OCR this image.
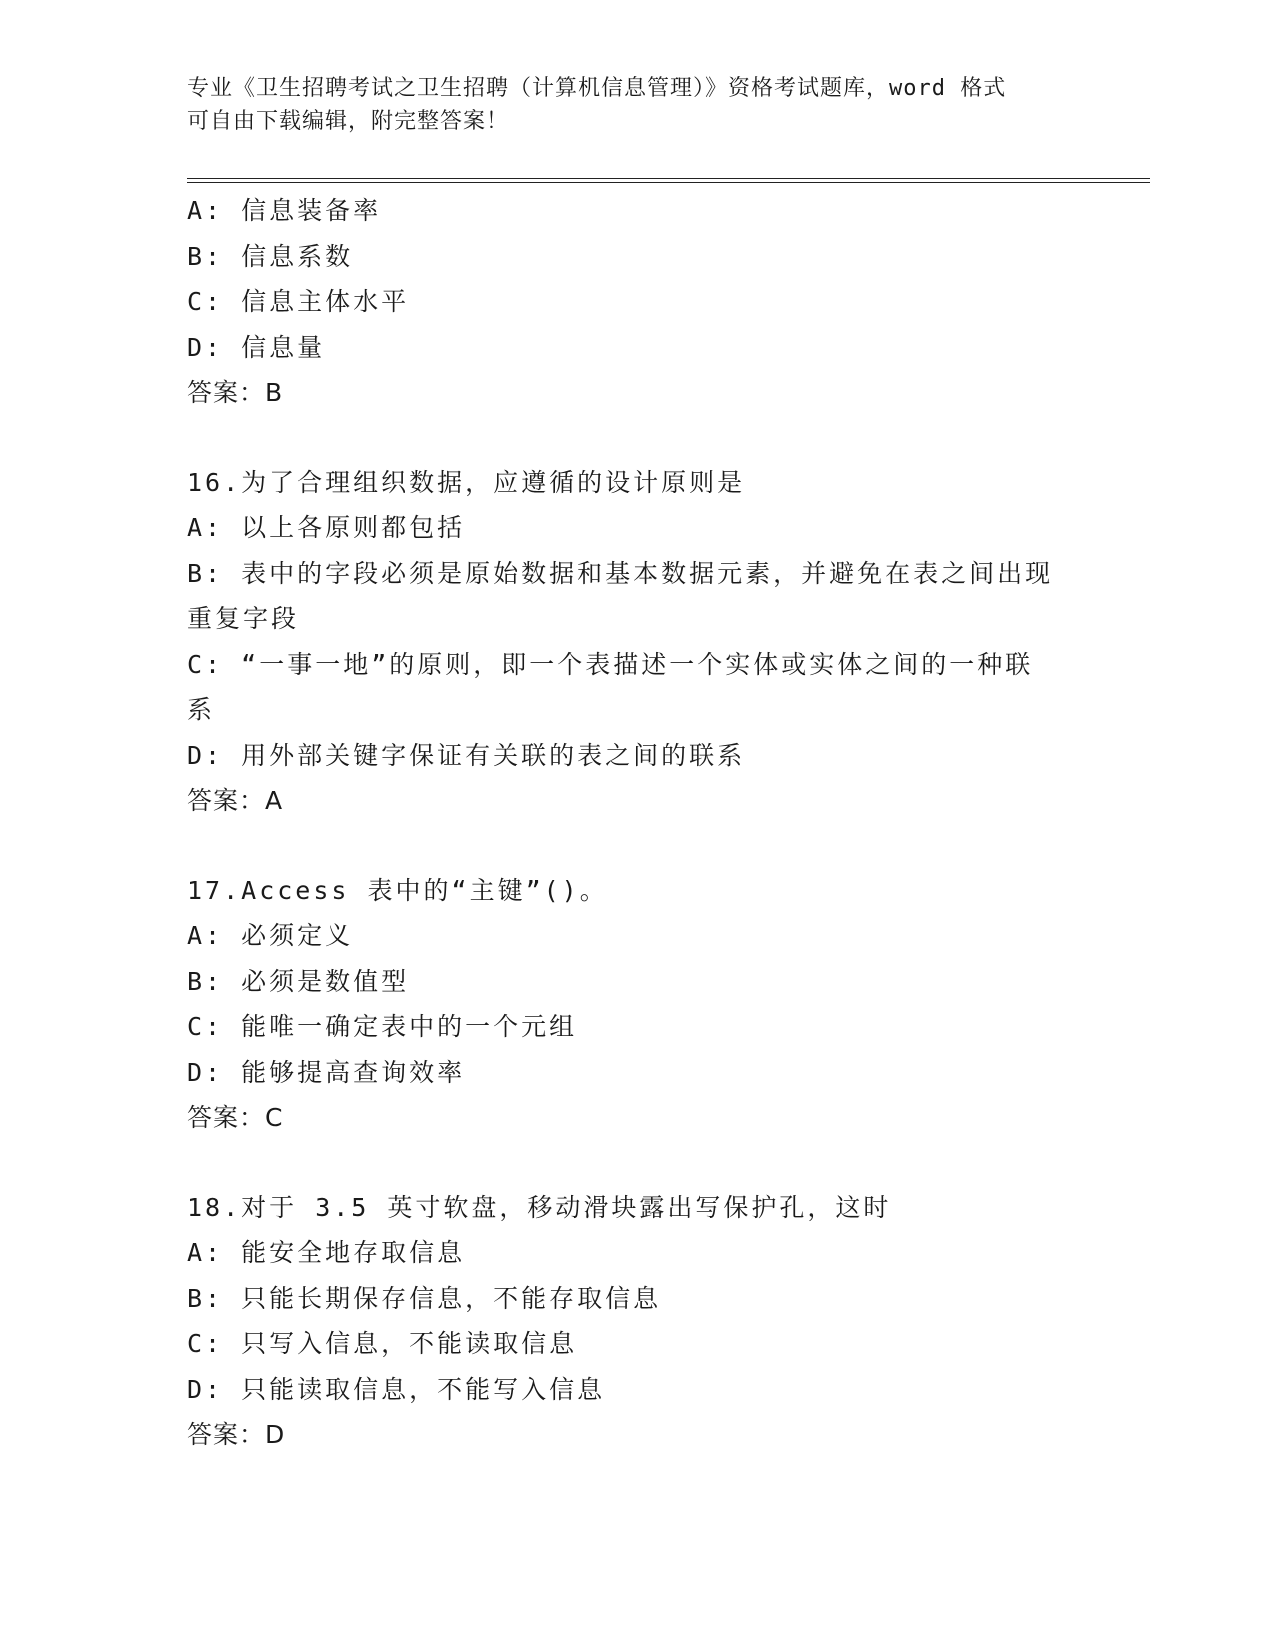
专业《卫生招聘考试之卫生招聘（计算机信息管理）》资格考试题库，word 格式
可自由下载编辑，附完整答案！
A: 信息装备率
B: 信息系数
C: 信息主体水平
D: 信息量
答案：B
16.为了合理组织数据，应遵循的设计原则是
A: 以上各原则都包括
B: 表中的字段必须是原始数据和基本数据元素，并避免在表之间出现
重复字段
C: “一事一地”的原则，即一个表描述一个实体或实体之间的一种联
系
D: 用外部关键字保证有关联的表之间的联系
答案：A
17.Access 表中的“主键”()。
A: 必须定义
B: 必须是数值型
C: 能唯一确定表中的一个元组
D: 能够提高查询效率
答案：C
18.对于 3.5 英寸软盘，移动滑块露出写保护孔，这时
A: 能安全地存取信息
B: 只能长期保存信息，不能存取信息
C: 只写入信息，不能读取信息
D: 只能读取信息，不能写入信息
答案：D
